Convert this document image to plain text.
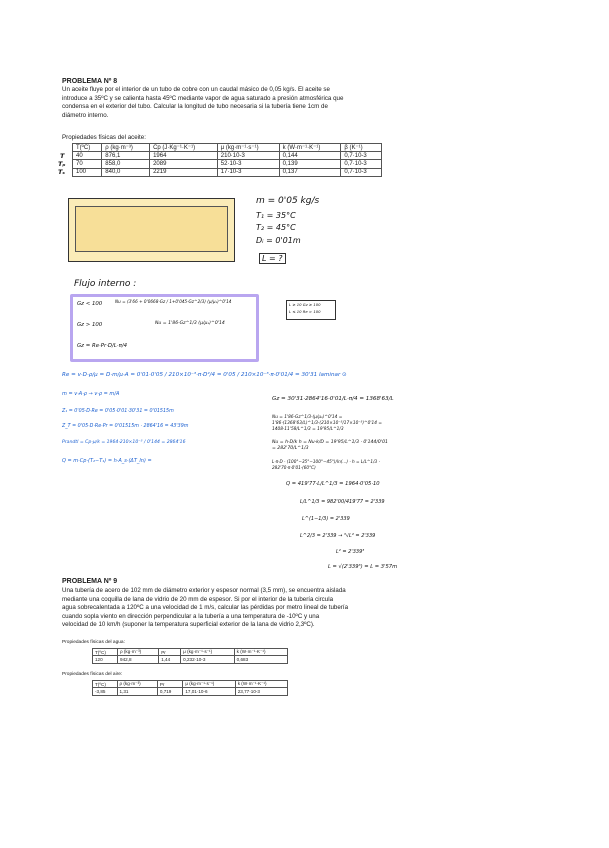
PROBLEMA Nº 8
Un aceite fluye por el interior de un tubo de cobre con un caudal másico de 0,05 kg/s. El aceite se
introduce a 35ºC y se calienta hasta 45ºC mediante vapor de agua saturado a presión atmosférica que
condensa en el exterior del tubo. Calcular la longitud de tubo necesaria si la tubería tiene 1cm de
diámetro interno.
Propiedades físicas del aceite:
T
Tₚ
Tₛ
T(ºC)	ρ (kg·m⁻³)	Cp (J·Kg⁻¹·K⁻¹)	μ (kg·m⁻¹·s⁻¹)	k (W·m⁻¹·K⁻¹)	β (K⁻¹)
40	876,1	1964	210·10-3	0,144	0,7·10-3
70	858,0	2089	52·10-3	0,139	0,7·10-3
100	840,0	2219	17·10-3	0,137	0,7·10-3
m = 0'05 kg/s
T₁ = 35°C
T₂ = 45°C
Dᵢ = 0'01m
L = ?
Flujo interno :
Gz < 100	Nu = (3'66 + 0'0668·Gz / 1+0'045·Gz^2/3) (μ/μₛ)^0'14
Gz > 100	Nu = 1'86·Gz^1/3 (μ/μₛ)^0'14
Gz = Re·Pr·D/L·π/4
L ≥ 10 Gz ≥ 100
L ≤ 10 Re > 100
Re = v·D·ρ/μ = D·m/μ·A = 0'01·0'05 / 210×10⁻³·π·D²/4 = 0'05 / 210×10⁻³·π·0'01/4 = 30'31 laminar ⊙
m = v·A·ρ → v·ρ = m/A
Z₁ = 0'05·D·Re = 0'05·0'01·30'31 = 0'01515m
Z_T = 0'05·D·Re·Pr = 0'01515m · 2864'16 = 43'39m
Prandtl = Cp·μ/k = 1964·210×10⁻³ / 0'144 = 2864'16
Q = m·Cp·(T₂−T₁) = h·A_s·(ΔT_ln) =
Gz = 30'31·2864'16·0'01/L·π/4 = 1368'63/L
Nu = 1'86·Gz^1/3·(μ/μₛ)^0'14 = 1'86·(1368'63/L)^1/3·(210×10⁻³/17×10⁻³)^0'14 = 1408·11'58/L^1/3 = 19'95/L^1/3
Nu = h·D/k h = Nu·k/D = 19'95/L^1/3 · 0'144/0'01 = 282'70/L^1/3
L·π·D · (100°−35°−100°−45°)/ln(...) · h = L/L^1/3 · 282'70·π·0'01·(60°C)
Q = 419'77·L/L^1/3 = 1964·0'05·10
L/L^1/3 = 982'00/419'77 = 2'339
L^(1−1/3) = 2'339
L^2/3 = 2'339 → ³√L² = 2'339
L² = 2'339³
L = √(2'339³) = L = 3'57m
PROBLEMA Nº 9
Una tubería de acero de 102 mm de diámetro exterior y espesor normal (3,5 mm), se encuentra aislada
mediante una coquilla de lana de vidrio de 20 mm de espesor. Si por el interior de la tubería circula
agua sobrecalentada a 120ºC a una velocidad de 1 m/s, calcular las pérdidas por metro lineal de tubería
cuando sopla viento en dirección perpendicular a la tubería a una temperatura de -10ºC y una
velocidad de 10 km/h (suponer la temperatura superficial exterior de la lana de vidrio 2,3ºC).
Propiedades físicas del agua:
T(ºC)	ρ (kg·m⁻³)	Pr	μ (kg·m⁻¹·s⁻¹)	k (W·m⁻¹·K⁻¹)
120	942,8	1,44	0,232·10-3	0,683
Propiedades físicas del aire:
T(ºC)	ρ (kg·m⁻³)	Pr	μ (kg·m⁻¹·s⁻¹)	k (W·m⁻¹·K⁻¹)
-3,85	1,31	0,719	17,01·10-6	23,77·10-3
